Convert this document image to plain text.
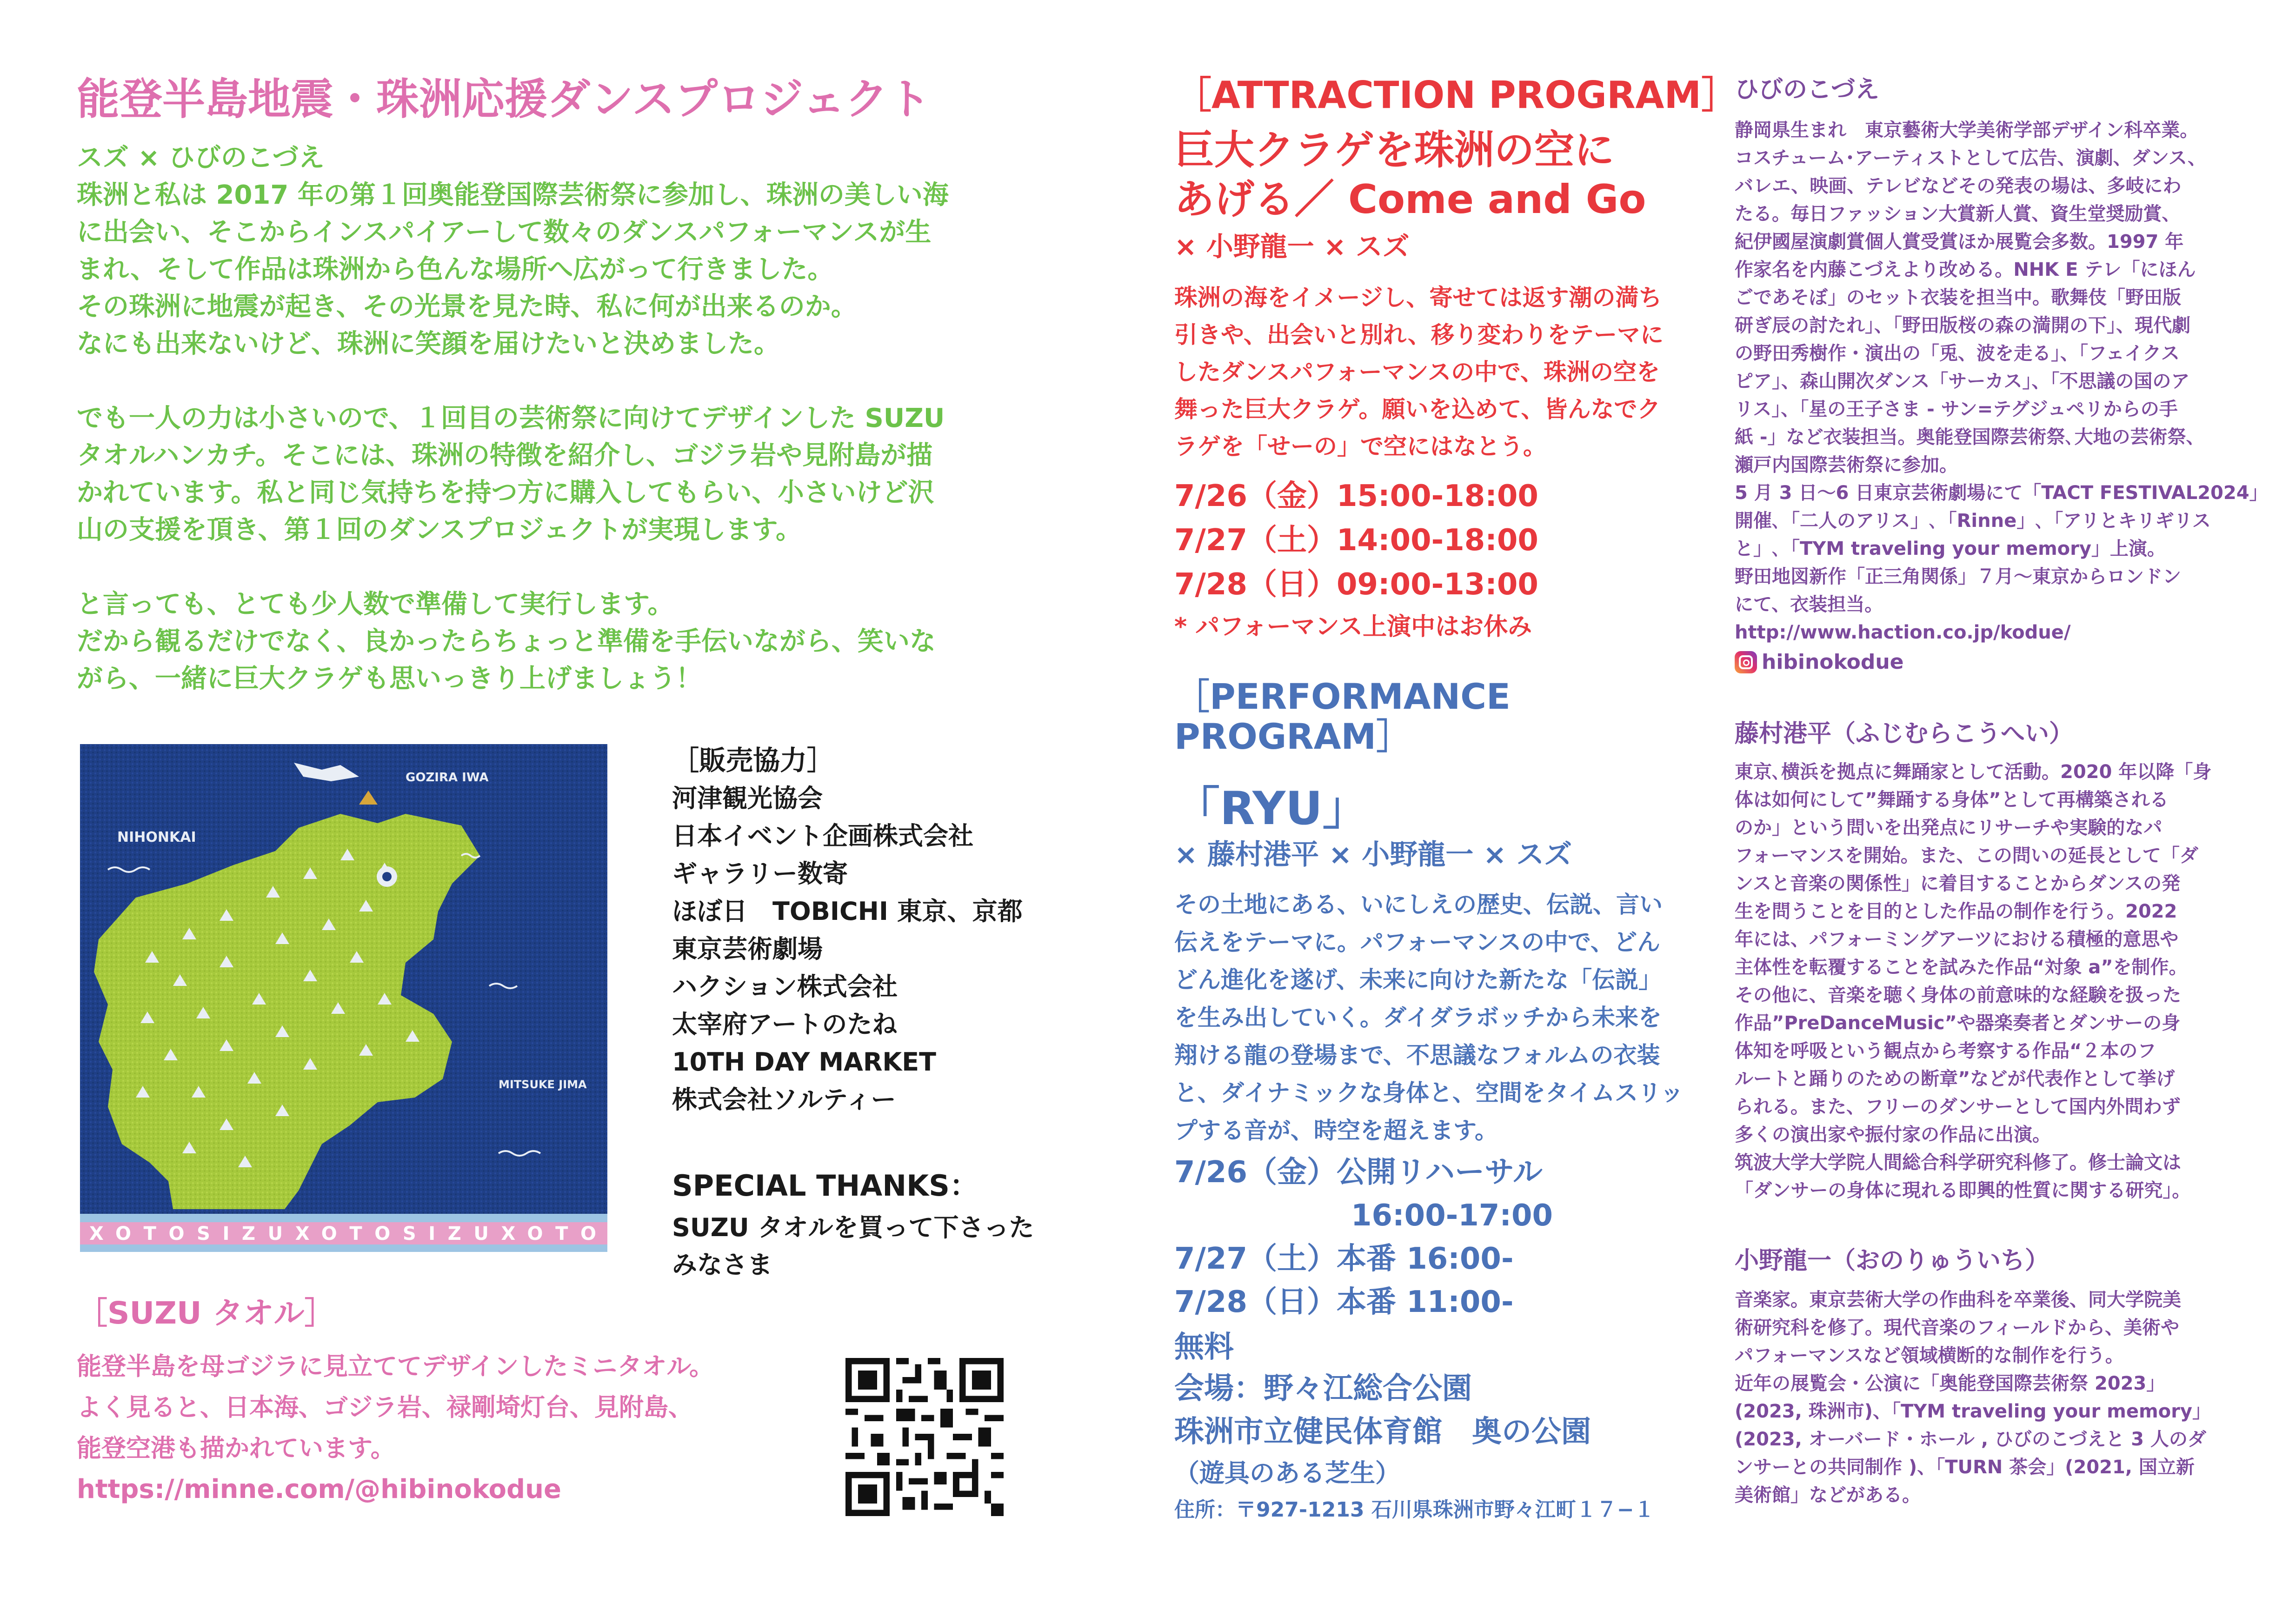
能登半島地震・珠洲応援ダンスプロジェクト
スズ × ひびのこづえ
珠洲と私は 2017 年の第１回奥能登国際芸術祭に参加し、珠洲の美しい海
に出会い、そこからインスパイアーして数々のダンスパフォーマンスが生
まれ、そして作品は珠洲から色んな場所へ広がって行きました。
その珠洲に地震が起き、その光景を見た時、私に何が出来るのか。
なにも出来ないけど、珠洲に笑顔を届けたいと決めました。
でも一人の力は小さいので、１回目の芸術祭に向けてデザインした SUZU
タオルハンカチ。そこには、珠洲の特徴を紹介し、ゴジラ岩や見附島が描
かれています。私と同じ気持ちを持つ方に購入してもらい、小さいけど沢
山の支援を頂き、第１回のダンスプロジェクトが実現します。
と言っても、とても少人数で準備して実行します。
だから観るだけでなく、良かったらちょっと準備を手伝いながら、笑いな
がら、一緒に巨大クラゲも思いっきり上げましょう！
NIHONKAI
GOZIRA IWA
MITSUKE JIMA
XOTOSIZUXOTOSIZUXOTO
［販売協力］
河津観光協会
日本イベント企画株式会社
ギャラリー数寄
ほぼ日　TOBICHI 東京、京都
東京芸術劇場
ハクション株式会社
太宰府アートのたね
10TH DAY MARKET
株式会社ソルティー
SPECIAL THANKS：
SUZU タオルを買って下さった
みなさま
［SUZU タオル］
能登半島を母ゴジラに見立ててデザインしたミニタオル。
よく見ると、日本海、ゴジラ岩、禄剛埼灯台、見附島、
能登空港も描かれています。
https://minne.com/@hibinokodue
［ATTRACTION PROGRAM］
巨大クラゲを珠洲の空に
あげる／ Come and Go
× 小野龍一 × スズ
珠洲の海をイメージし、寄せては返す潮の満ち
引きや、出会いと別れ、移り変わりをテーマに
したダンスパフォーマンスの中で、珠洲の空を
舞った巨大クラゲ。願いを込めて、皆んなでク
ラゲを「せーの」で空にはなとう。
7/26（金）15:00-18:00
7/27（土）14:00-18:00
7/28（日）09:00-13:00
* パフォーマンス上演中はお休み
［PERFORMANCE
PROGRAM］
「RYU」
× 藤村港平 × 小野龍一 × スズ
その土地にある、いにしえの歴史、伝説、言い
伝えをテーマに。パフォーマンスの中で、どん
どん進化を遂げ、未来に向けた新たな「伝説」
を生み出していく。ダイダラボッチから未来を
翔ける龍の登場まで、不思議なフォルムの衣装
と、ダイナミックな身体と、空間をタイムスリッ
プする音が、時空を超えます。
7/26（金）公開リハーサル
16:00-17:00
7/27（土）本番 16:00-
7/28（日）本番 11:00-
無料
会場：野々江総合公園
珠洲市立健民体育館　奥の公園
（遊具のある芝生）
住所：〒927-1213 石川県珠洲市野々江町１７−１
ひびのこづえ
静岡県生まれ　東京藝術大学美術学部デザイン科卒業。
コスチューム･アーティストとして広告、演劇、ダンス、
バレエ、映画、テレビなどその発表の場は、多岐にわ
たる。毎日ファッション大賞新人賞、資生堂奨励賞、
紀伊國屋演劇賞個人賞受賞ほか展覧会多数。1997 年
作家名を内藤こづえより改める。NHK E テレ「にほん
ごであそぼ」のセット衣装を担当中。歌舞伎「野田版
研ぎ辰の討たれ」、「野田版桜の森の満開の下」、現代劇
の野田秀樹作・演出の「兎、波を走る」、「フェイクス
ピア」、森山開次ダンス「サーカス」、「不思議の国のア
リス」、「星の王子さま - サン=テグジュペリからの手
紙 -」など衣装担当。奥能登国際芸術祭､大地の芸術祭、
瀬戸内国際芸術祭に参加。
5 月 3 日〜6 日東京芸術劇場にて「TACT FESTIVAL2024」
開催､「二人のアリス」､「Rinne」､「アリとキリギリス
と」､「TYM traveling your memory」上演。
野田地図新作「正三角関係」７月〜東京からロンドン
にて、衣装担当。
http://www.haction.co.jp/kodue/
hibinokodue
藤村港平（ふじむらこうへい）
東京､横浜を拠点に舞踊家として活動。2020 年以降「身
体は如何にして”舞踊する身体”として再構築される
のか」という問いを出発点にリサーチや実験的なパ
フォーマンスを開始。また、この問いの延長として「ダ
ンスと音楽の関係性」に着目することからダンスの発
生を問うことを目的とした作品の制作を行う。2022
年には、パフォーミングアーツにおける積極的意思や
主体性を転覆することを試みた作品“対象 a”を制作。
その他に、音楽を聴く身体の前意味的な経験を扱った
作品”PreDanceMusic”や器楽奏者とダンサーの身
体知を呼吸という観点から考察する作品“２本のフ
ルートと踊りのための断章”などが代表作として挙げ
られる。また、フリーのダンサーとして国内外問わず
多くの演出家や振付家の作品に出演。
筑波大学大学院人間総合科学研究科修了。修士論文は
「ダンサーの身体に現れる即興的性質に関する研究」。
小野龍一（おのりゅういち）
音楽家。東京芸術大学の作曲科を卒業後、同大学院美
術研究科を修了。現代音楽のフィールドから、美術や
パフォーマンスなど領域横断的な制作を行う。
近年の展覧会・公演に「奥能登国際芸術祭 2023」
(2023, 珠洲市)、「TYM traveling your memory」
(2023, オーバード・ホール , ひびのこづえと 3 人のダ
ンサーとの共同制作 )、「TURN 茶会」(2021, 国立新
美術館」などがある。
